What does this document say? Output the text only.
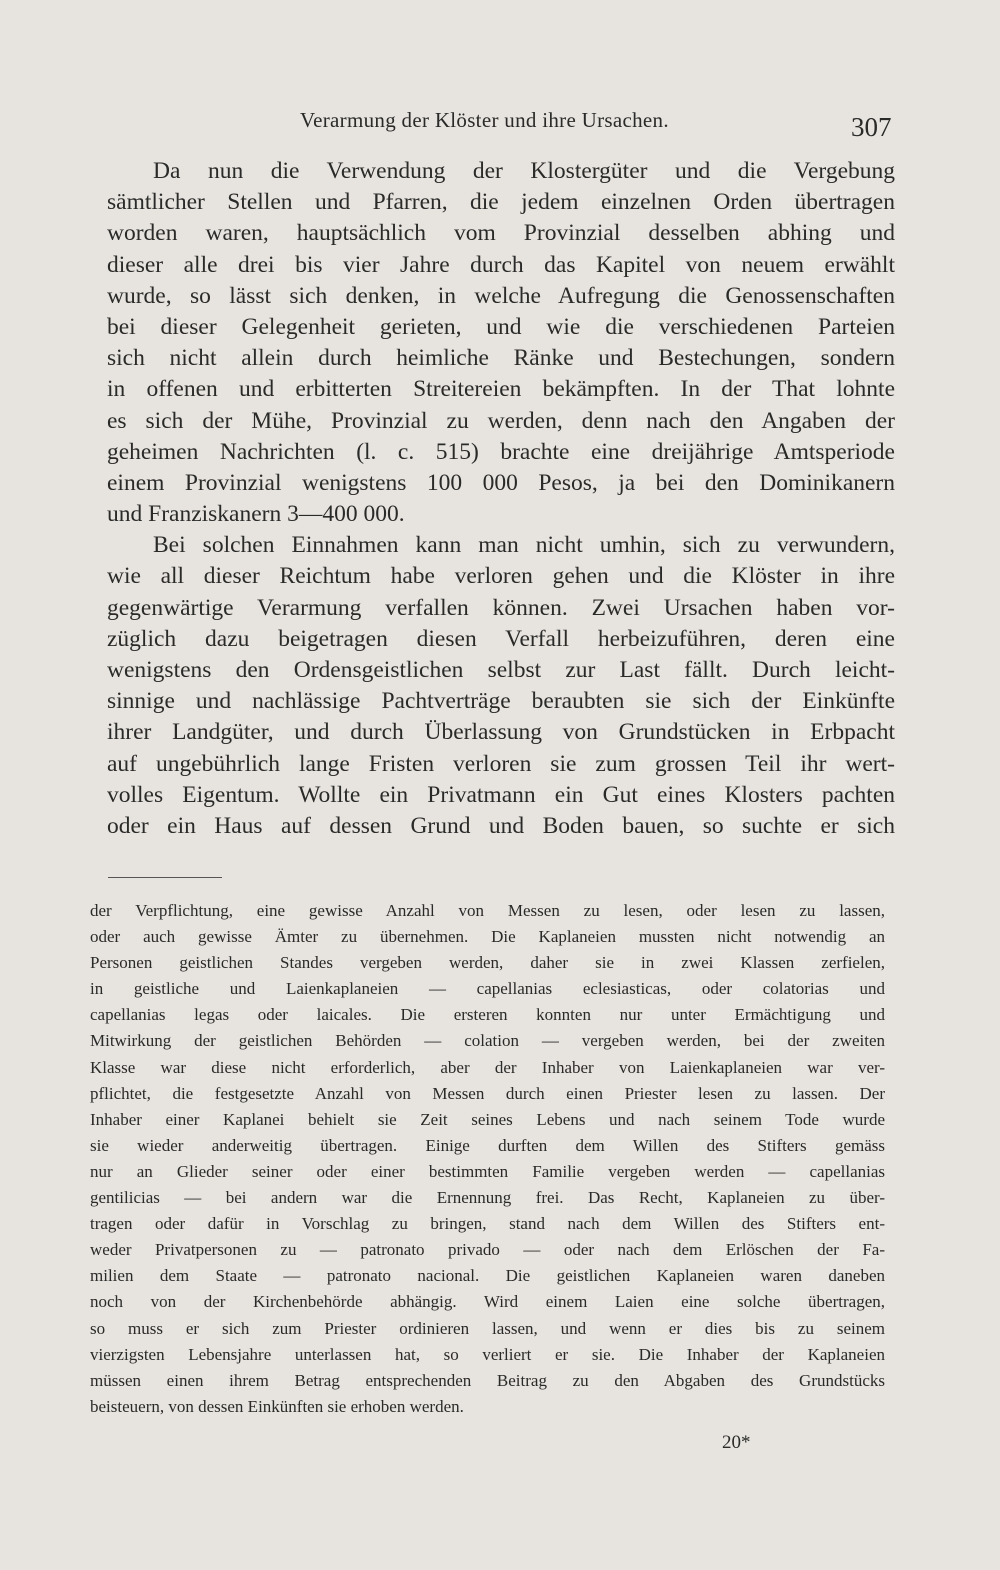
Verarmung der Klöster und ihre Ursachen.	307
Da nun die Verwendung der Klostergüter und die Vergebung
sämtlicher Stellen und Pfarren, die jedem einzelnen Orden übertragen
worden waren, hauptsächlich vom Provinzial desselben abhing und
dieser alle drei bis vier Jahre durch das Kapitel von neuem erwählt
wurde, so lässt sich denken, in welche Aufregung die Genossenschaften
bei dieser Gelegenheit gerieten, und wie die verschiedenen Parteien
sich nicht allein durch heimliche Ränke und Bestechungen, sondern
in offenen und erbitterten Streitereien bekämpften. In der That lohnte
es sich der Mühe, Provinzial zu werden, denn nach den Angaben der
geheimen Nachrichten (l. c. 515) brachte eine dreijährige Amtsperiode
einem Provinzial wenigstens 100 000 Pesos, ja bei den Dominikanern
und Franziskanern 3—400 000.
Bei solchen Einnahmen kann man nicht umhin, sich zu verwundern,
wie all dieser Reichtum habe verloren gehen und die Klöster in ihre
gegenwärtige Verarmung verfallen können. Zwei Ursachen haben vor-
züglich dazu beigetragen diesen Verfall herbeizuführen, deren eine
wenigstens den Ordensgeistlichen selbst zur Last fällt. Durch leicht-
sinnige und nachlässige Pachtverträge beraubten sie sich der Einkünfte
ihrer Landgüter, und durch Überlassung von Grundstücken in Erbpacht
auf ungebührlich lange Fristen verloren sie zum grossen Teil ihr wert-
volles Eigentum. Wollte ein Privatmann ein Gut eines Klosters pachten
oder ein Haus auf dessen Grund und Boden bauen, so suchte er sich
der Verpflichtung, eine gewisse Anzahl von Messen zu lesen, oder lesen zu lassen,
oder auch gewisse Ämter zu übernehmen. Die Kaplaneien mussten nicht notwendig an
Personen geistlichen Standes vergeben werden, daher sie in zwei Klassen zerfielen,
in geistliche und Laienkaplaneien — capellanias eclesiasticas, oder colatorias und
capellanias legas oder laicales. Die ersteren konnten nur unter Ermächtigung und
Mitwirkung der geistlichen Behörden — colation — vergeben werden, bei der zweiten
Klasse war diese nicht erforderlich, aber der Inhaber von Laienkaplaneien war ver-
pflichtet, die festgesetzte Anzahl von Messen durch einen Priester lesen zu lassen. Der
Inhaber einer Kaplanei behielt sie Zeit seines Lebens und nach seinem Tode wurde
sie wieder anderweitig übertragen. Einige durften dem Willen des Stifters gemäss
nur an Glieder seiner oder einer bestimmten Familie vergeben werden — capellanias
gentilicias — bei andern war die Ernennung frei. Das Recht, Kaplaneien zu über-
tragen oder dafür in Vorschlag zu bringen, stand nach dem Willen des Stifters ent-
weder Privatpersonen zu — patronato privado — oder nach dem Erlöschen der Fa-
milien dem Staate — patronato nacional. Die geistlichen Kaplaneien waren daneben
noch von der Kirchenbehörde abhängig. Wird einem Laien eine solche übertragen,
so muss er sich zum Priester ordinieren lassen, und wenn er dies bis zu seinem
vierzigsten Lebensjahre unterlassen hat, so verliert er sie. Die Inhaber der Kaplaneien
müssen einen ihrem Betrag entsprechenden Beitrag zu den Abgaben des Grundstücks
beisteuern, von dessen Einkünften sie erhoben werden.
20*
